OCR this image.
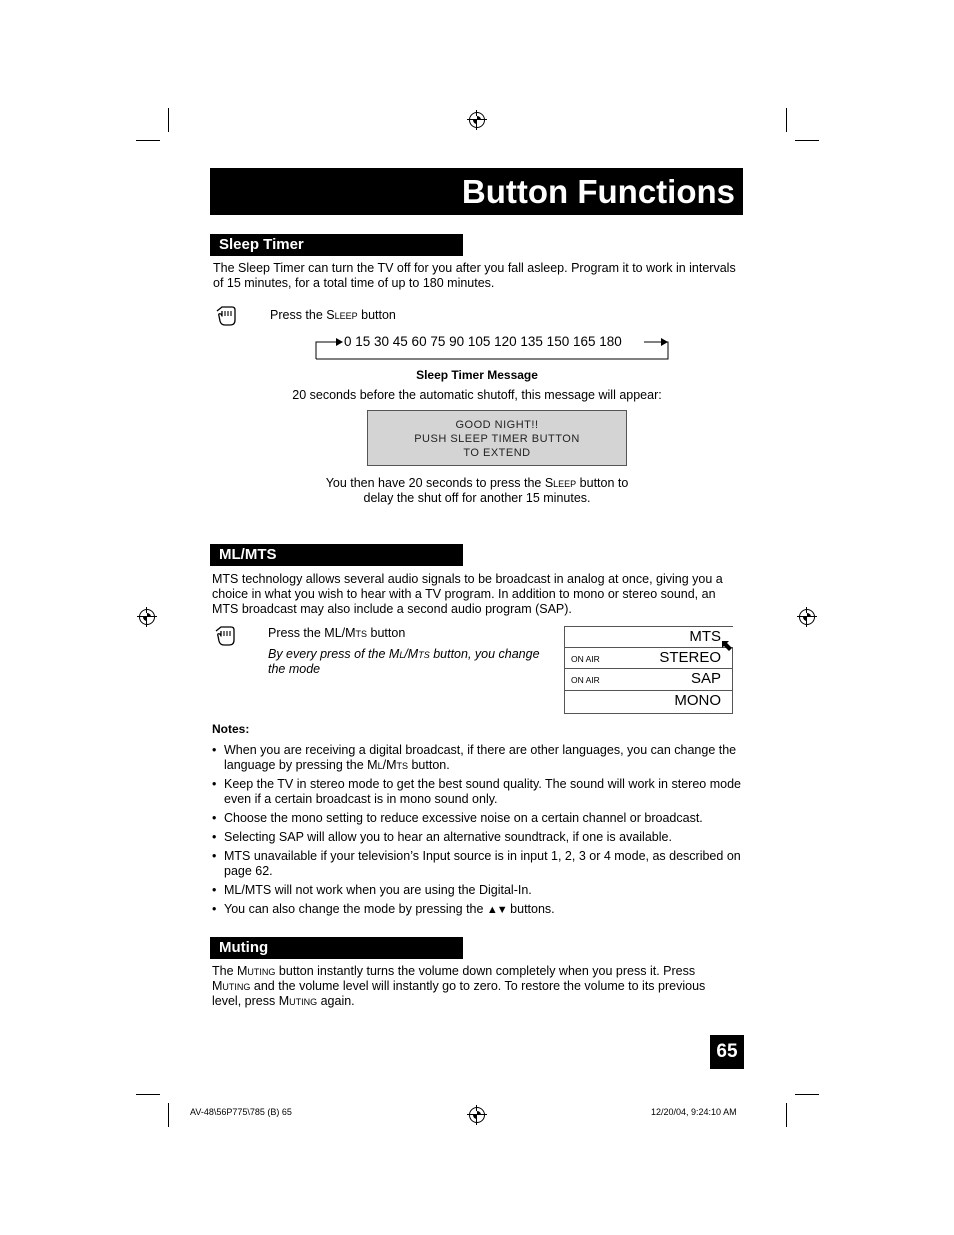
Button Functions
Sleep Timer
The Sleep Timer can turn the TV off for you after you fall asleep. Program it to work in intervals of 15 minutes, for a total time of up to 180 minutes.
Press the Sleep button
0 15 30 45 60 75 90 105 120 135 150 165 180
Sleep Timer Message
20 seconds before the automatic shutoff, this message will appear:
GOOD NIGHT!!
PUSH SLEEP TIMER BUTTON
TO EXTEND
You then have 20 seconds to press the Sleep button to
delay the shut off for another 15 minutes.
ML/MTS
MTS technology allows several audio signals to be broadcast in analog at once, giving you a choice in what you wish to hear with a TV program. In addition to mono or stereo sound, an MTS broadcast may also include a second audio program (SAP).
Press the ML/Mts button
By every press of the Ml/Mts button, you change the mode
MTS
ON AIR	STEREO
ON AIR	SAP
MONO
Notes:
• When you are receiving a digital broadcast, if there are other languages, you can change the language by pressing the Ml/Mts button.
• Keep the TV in stereo mode to get the best sound quality. The sound will work in stereo mode even if a certain broadcast is in mono sound only.
• Choose the mono setting to reduce excessive noise on a certain channel or broadcast.
• Selecting SAP will allow you to hear an alternative soundtrack, if one is available.
• MTS unavailable if your television’s Input source is in input 1, 2, 3 or 4 mode, as described on page 62.
• ML/MTS will not work when you are using the Digital-In.
• You can also change the mode by pressing the ▲▼ buttons.
Muting
The Muting button instantly turns the volume down completely when you press it. Press
Muting and the volume level will instantly go to zero. To restore the volume to its previous
level, press Muting again.
65
AV-48\56P775\785 (B) 65	12/20/04, 9:24:10 AM
